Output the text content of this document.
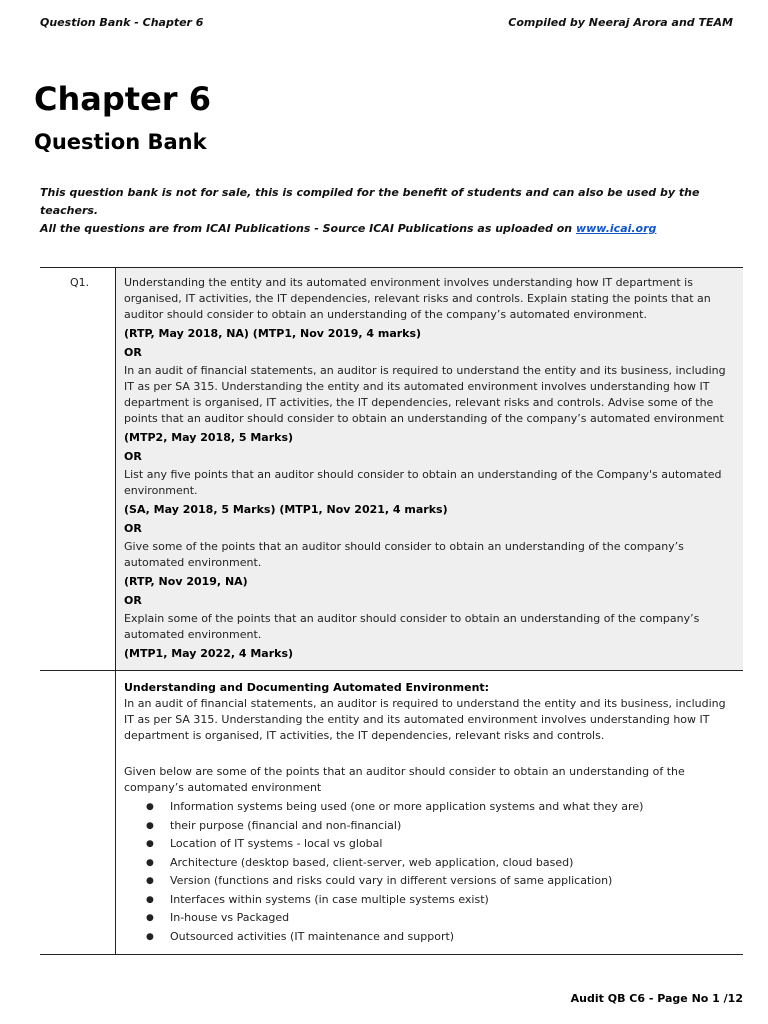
Question Bank - Chapter 6	Compiled by Neeraj Arora and TEAM
Chapter 6
Question Bank
This question bank is not for sale, this is compiled for the benefit of students and can also be used by the teachers.
All the questions are from ICAI Publications - Source ICAI Publications as uploaded on www.icai.org
Q1.	Understanding the entity and its automated environment involves understanding how IT department is organised, IT activities, the IT dependencies, relevant risks and controls. Explain stating the points that an auditor should consider to obtain an understanding of the company’s automated environment.

(RTP, May 2018, NA) (MTP1, Nov 2019, 4 marks)

OR

In an audit of financial statements, an auditor is required to understand the entity and its business, including IT as per SA 315. Understanding the entity and its automated environment involves understanding how IT department is organised, IT activities, the IT dependencies, relevant risks and controls. Advise some of the points that an auditor should consider to obtain an understanding of the company’s automated environment

(MTP2, May 2018, 5 Marks)

OR

List any five points that an auditor should consider to obtain an understanding of the Company's automated environment.

(SA, May 2018, 5 Marks) (MTP1, Nov 2021, 4 marks)

OR

Give some of the points that an auditor should consider to obtain an understanding of the company’s automated environment.

(RTP, Nov 2019, NA)

OR

Explain some of the points that an auditor should consider to obtain an understanding of the company’s automated environment.

(MTP1, May 2022, 4 Marks)

Understanding and Documenting Automated Environment:

In an audit of financial statements, an auditor is required to understand the entity and its business, including IT as per SA 315. Understanding the entity and its automated environment involves understanding how IT department is organised, IT activities, the IT dependencies, relevant risks and controls.

Given below are some of the points that an auditor should consider to obtain an understanding of the company’s automated environment

● Information systems being used (one or more application systems and what they are)
● their purpose (financial and non-financial)
● Location of IT systems - local vs global
● Architecture (desktop based, client-server, web application, cloud based)
● Version (functions and risks could vary in different versions of same application)
● Interfaces within systems (in case multiple systems exist)
● In-house vs Packaged
● Outsourced activities (IT maintenance and support)
Audit QB C6 - Page No 1 /12
